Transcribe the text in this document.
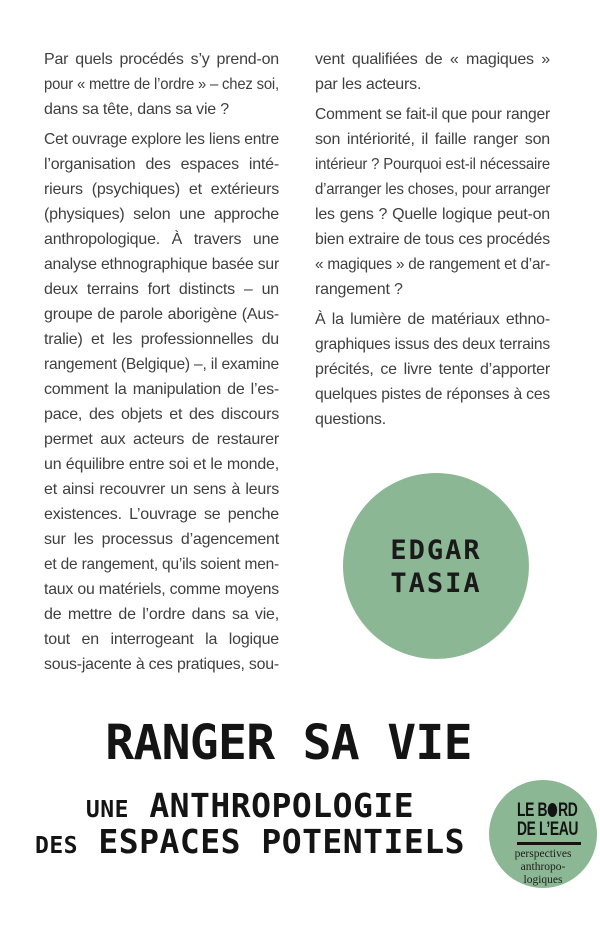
Par quels procédés s’y prend-on
pour « mettre de l’ordre » – chez soi,
dans sa tête, dans sa vie ?
Cet ouvrage explore les liens entre
l’organisation des espaces inté-
rieurs (psychiques) et extérieurs
(physiques) selon une approche
anthropologique. À travers une
analyse ethnographique basée sur
deux terrains fort distincts – un
groupe de parole aborigène (Aus-
tralie) et les professionnelles du
rangement (Belgique) –, il examine
comment la manipulation de l’es-
pace, des objets et des discours
permet aux acteurs de restaurer
un équilibre entre soi et le monde,
et ainsi recouvrer un sens à leurs
existences. L’ouvrage se penche
sur les processus d’agencement
et de rangement, qu’ils soient men-
taux ou matériels, comme moyens
de mettre de l’ordre dans sa vie,
tout en interrogeant la logique
sous-jacente à ces pratiques, sou-
vent qualifiées de « magiques »
par les acteurs.
Comment se fait-il que pour ranger
son intériorité, il faille ranger son
intérieur ? Pourquoi est-il nécessaire
d’arranger les choses, pour arranger
les gens ? Quelle logique peut-on
bien extraire de tous ces procédés
« magiques » de rangement et d’ar-
rangement ?
À la lumière de matériaux ethno-
graphiques issus des deux terrains
précités, ce livre tente d’apporter
quelques pistes de réponses à ces
questions.
EDGAR
TASIA
RANGER SA VIE
UNE ANTHROPOLOGIE
DES ESPACES POTENTIELS
LE B RD
DE L’EAU
perspectives
anthropo-
logiques
